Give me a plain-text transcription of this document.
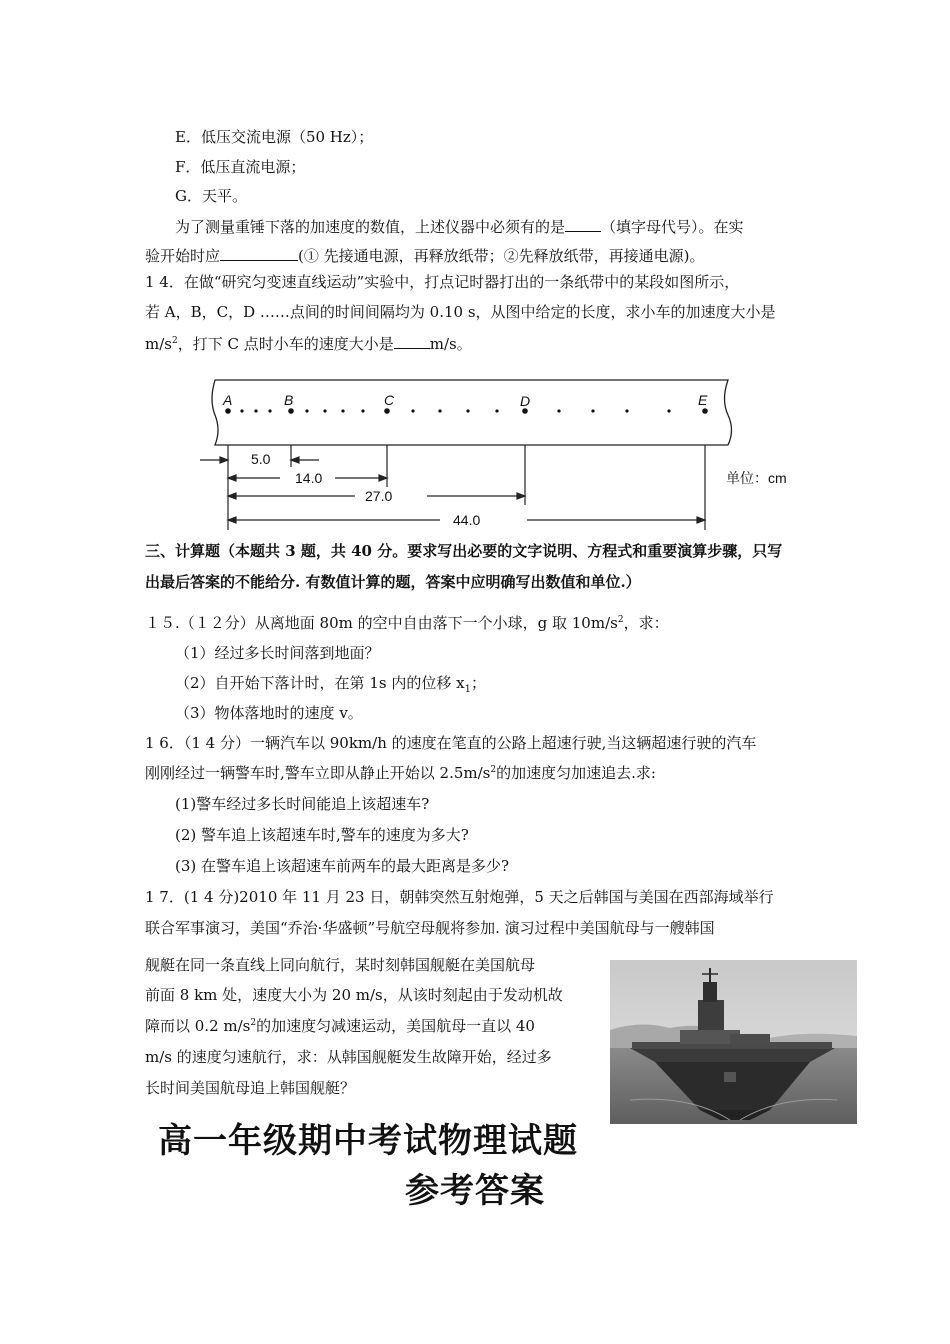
E．低压交流电源（50 Hz）；
F．低压直流电源；
G．天平。
为了测量重锤下落的加速度的数值，上述仪器中必须有的是 （填字母代号）。在实
验开始时应	(① 先接通电源，再释放纸带；②先释放纸带，再接通电源)。
1 4．在做“研究匀变速直线运动”实验中，打点记时器打出的一条纸带中的某段如图所示，
若 A，B，C，D ……点间的时间间隔均为 0.10 s，从图中给定的长度，求小车的加速度大小是
$m/s^2$，打下 C 点时小车的速度大小是 m/s。
A	B	C	D	E
5.0
14.0
27.0
44.0
单位：cm
三、计算题（本题共 3 题，共 40 分。要求写出必要的文字说明、方程式和重要演算步骤，只写
出最后答案的不能给分. 有数值计算的题，答案中应明确写出数值和单位.）
１５.（１２分）从离地面 80m 的空中自由落下一个小球，g 取 $10m/s^2$，求：
（1）经过多长时间落到地面？
（2）自开始下落计时，在第 1s 内的位移 $x_1$；
（3）物体落地时的速度 v。
1 6．（1 4 分）一辆汽车以 90km/h 的速度在笔直的公路上超速行驶,当这辆超速行驶的汽车
刚刚经过一辆警车时,警车立即从静止开始以 $2.5m/s^2$的加速度匀加速追去.求:
(1)警车经过多长时间能追上该超速车?
(2) 警车追上该超速车时,警车的速度为多大?
(3) 在警车追上该超速车前两车的最大距离是多少?
1 7．(1 4 分)2010 年 11 月 23 日，朝韩突然互射炮弹，5 天之后韩国与美国在西部海域举行
联合军事演习，美国“乔治·华盛顿”号航空母舰将参加. 演习过程中美国航母与一艘韩国
舰艇在同一条直线上同向航行，某时刻韩国舰艇在美国航母
前面 8 km 处，速度大小为 20 m/s，从该时刻起由于发动机故
障而以 0.2 $m/s^2$的加速度匀减速运动，美国航母一直以 40
m/s 的速度匀速航行，求：从韩国舰艇发生故障开始，经过多
长时间美国航母追上韩国舰艇？
高一年级期中考试物理试题
参考答案
